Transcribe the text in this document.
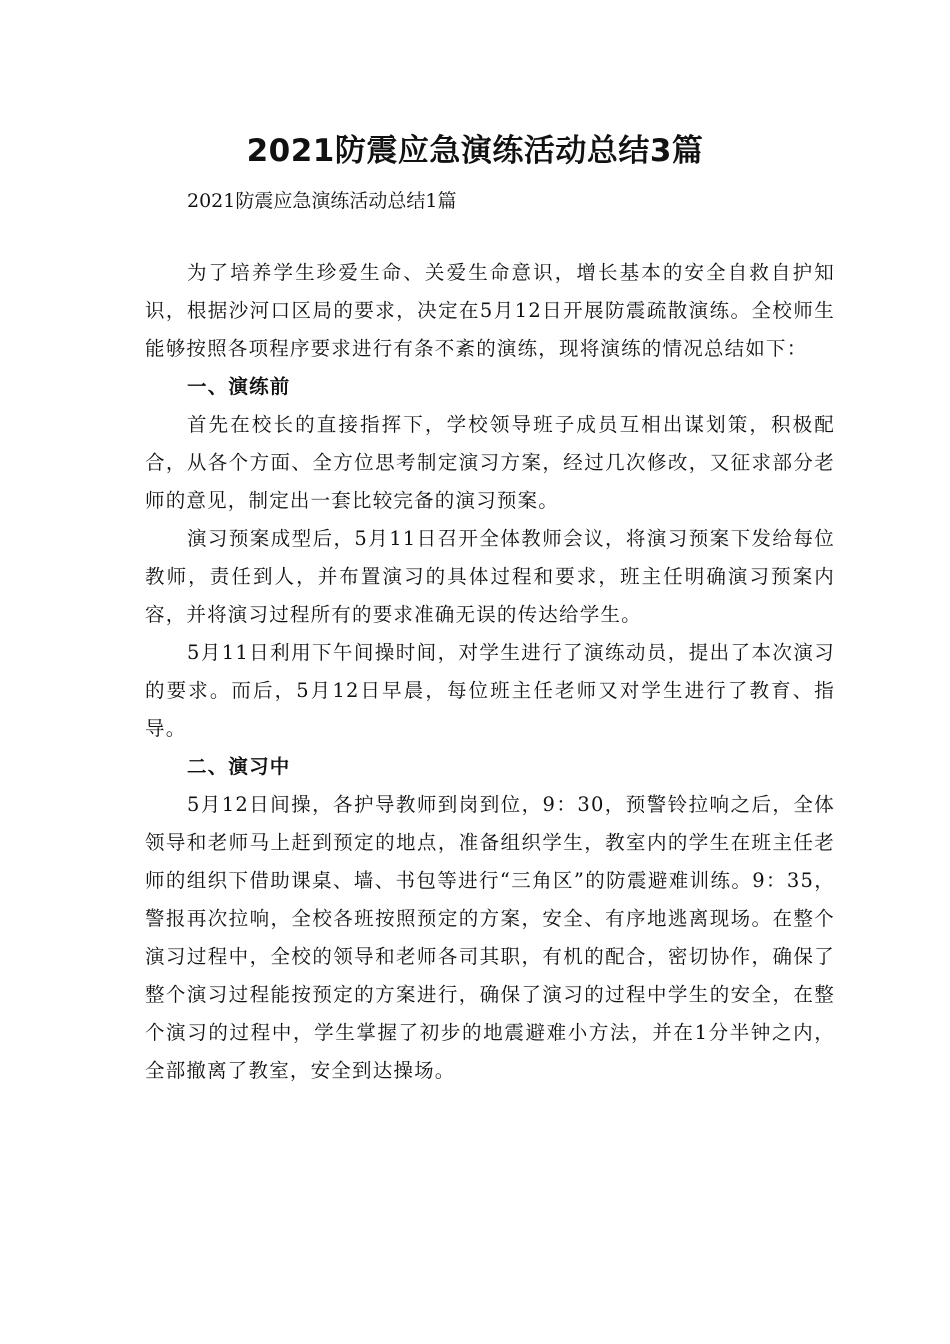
2021防震应急演练活动总结3篇

2021防震应急演练活动总结1篇

为了培养学生珍爱生命、关爱生命意识，增长基本的安全自救自护知识，根据沙河口区局的要求，决定在5月12日开展防震疏散演练。全校师生能够按照各项程序要求进行有条不紊的演练，现将演练的情况总结如下：

一、演练前

首先在校长的直接指挥下，学校领导班子成员互相出谋划策，积极配合，从各个方面、全方位思考制定演习方案，经过几次修改，又征求部分老师的意见，制定出一套比较完备的演习预案。

演习预案成型后，5月11日召开全体教师会议，将演习预案下发给每位教师，责任到人，并布置演习的具体过程和要求，班主任明确演习预案内容，并将演习过程所有的要求准确无误的传达给学生。

5月11日利用下午间操时间，对学生进行了演练动员，提出了本次演习的要求。而后，5月12日早晨，每位班主任老师又对学生进行了教育、指导。

二、演习中

5月12日间操，各护导教师到岗到位，9：30，预警铃拉响之后，全体领导和老师马上赶到预定的地点，准备组织学生，教室内的学生在班主任老师的组织下借助课桌、墙、书包等进行“三角区”的防震避难训练。9：35，警报再次拉响，全校各班按照预定的方案，安全、有序地逃离现场。在整个演习过程中，全校的领导和老师各司其职，有机的配合，密切协作，确保了整个演习过程能按预定的方案进行，确保了演习的过程中学生的安全，在整个演习的过程中，学生掌握了初步的地震避难小方法，并在1分半钟之内，全部撤离了教室，安全到达操场。
